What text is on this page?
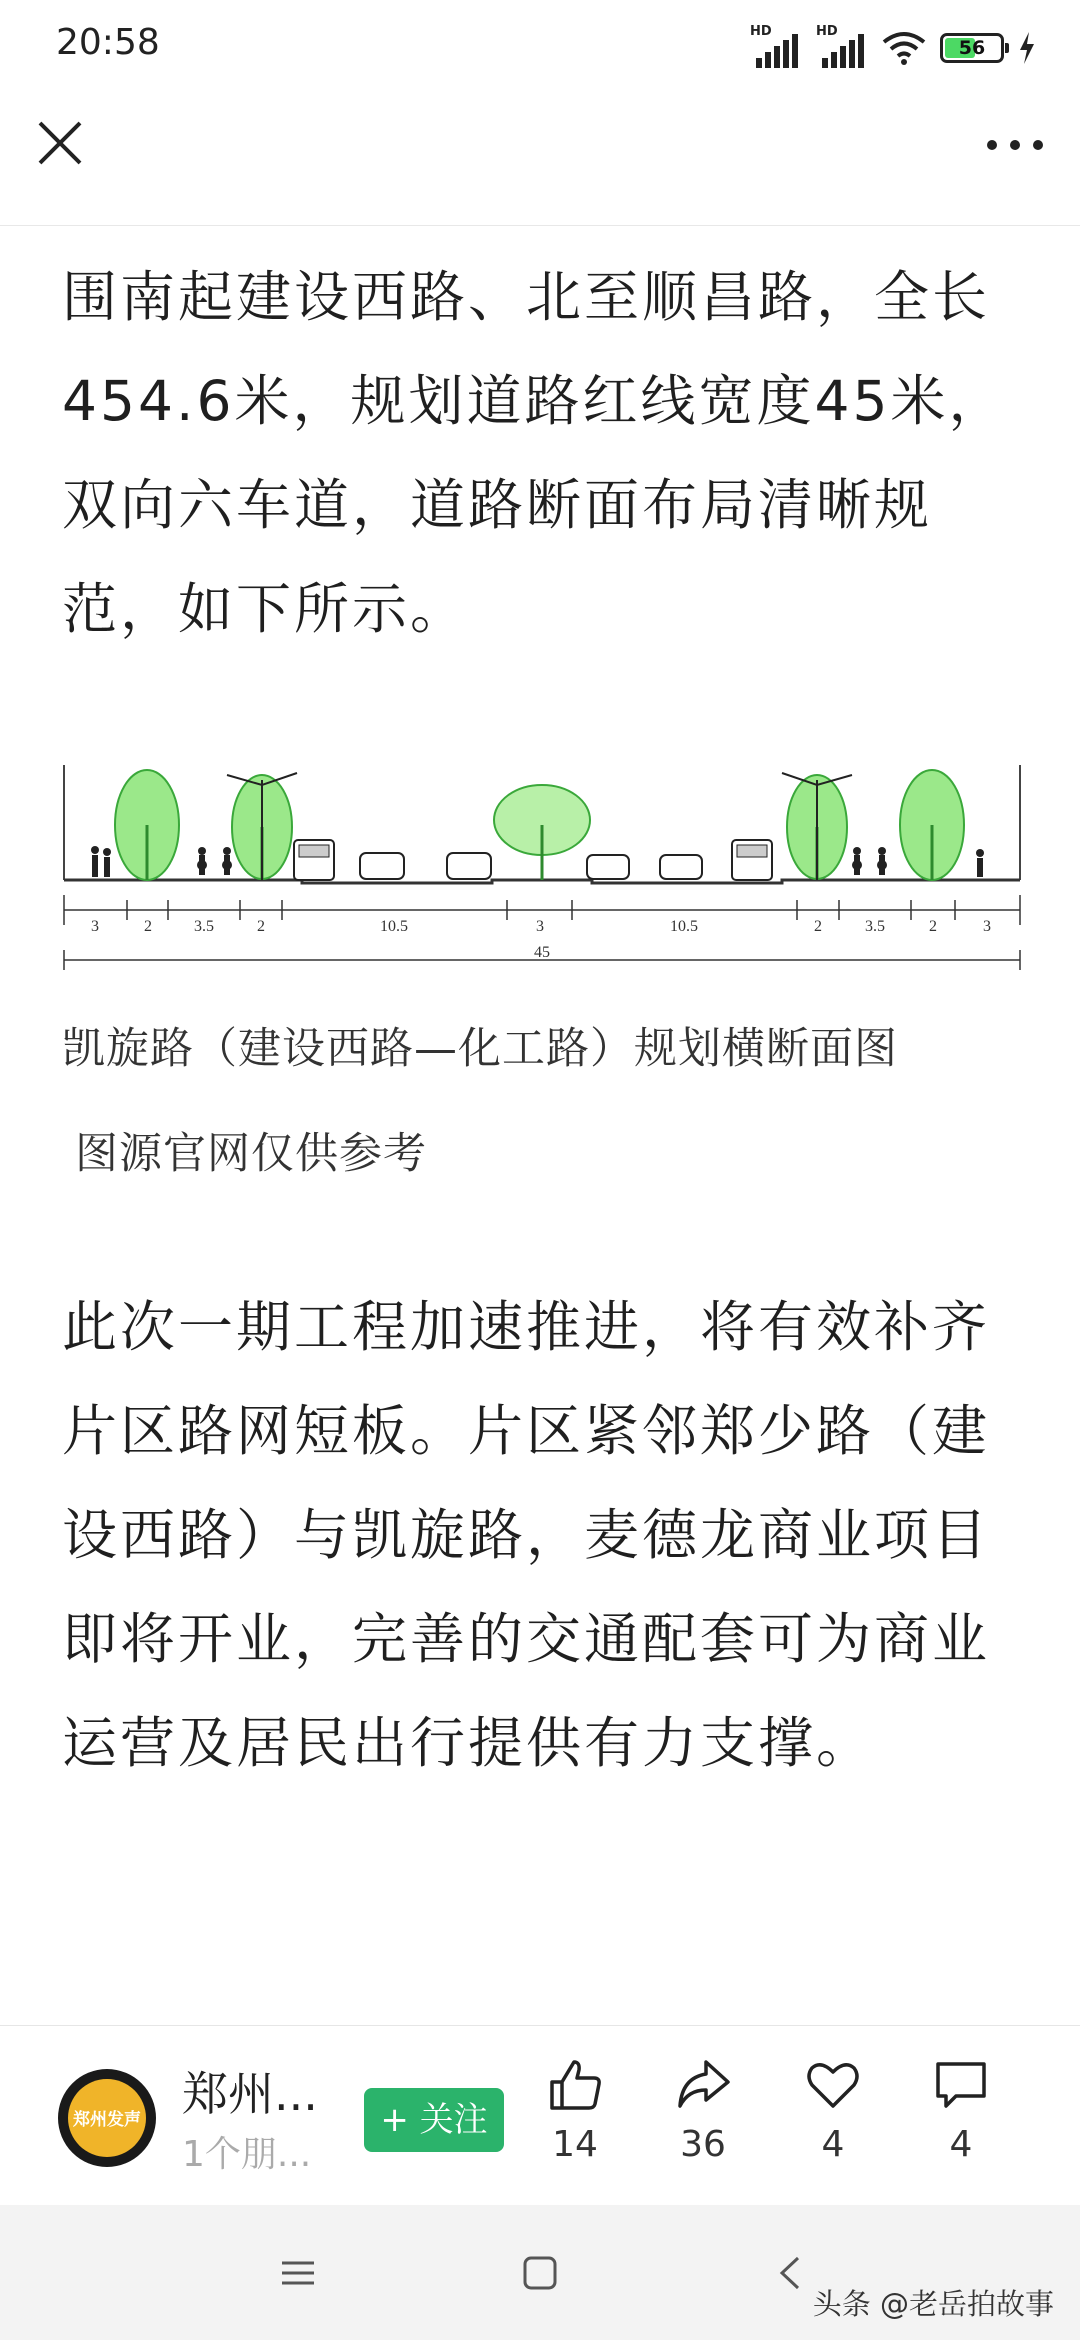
20:58	HD	HD
56

围南起建设西路、北至顺昌路，全长454.6米，规划道路红线宽度45米，双向六车道，道路断面布局清晰规范，如下所示。

3	2	3.5	2	10.5	3	10.5	2	3.5	2	3
45
凯旋路（建设西路—化工路）规划横断面图
图源官网仅供参考

此次一期工程加速推进，将有效补齐片区路网短板。片区紧邻郑少路（建设西路）与凯旋路，麦德龙商业项目即将开业，完善的交通配套可为商业运营及居民出行提供有力支撑。

郑州发声 郑州...
1个朋...
+ 关注
14	36	4	4
头条 @老岳拍故事
